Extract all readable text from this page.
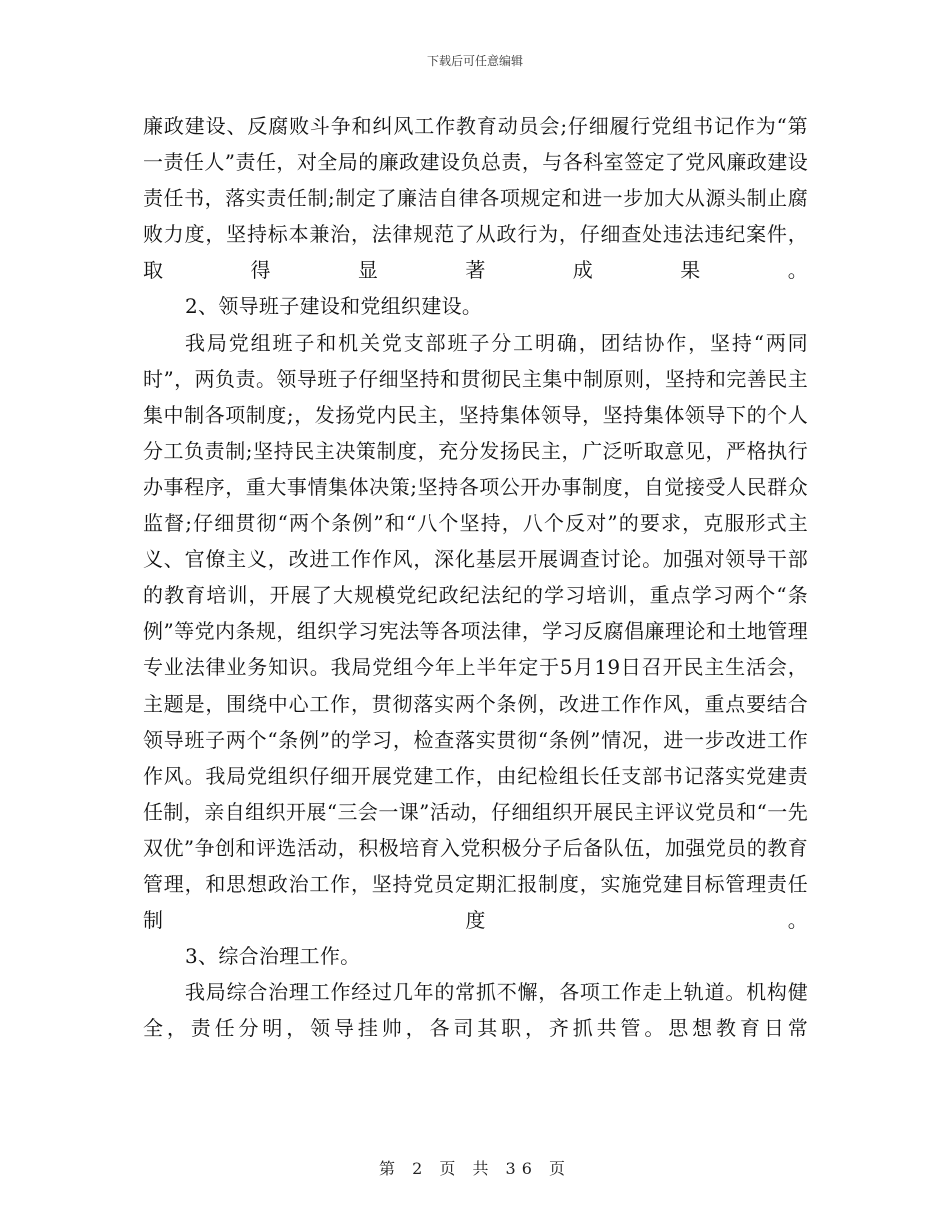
下载后可任意编辑

廉政建设、反腐败斗争和纠风工作教育动员会;仔细履行党组书记作为“第一责任人”责任，对全局的廉政建设负总责，与各科室签定了党风廉政建设责任书，落实责任制;制定了廉洁自律各项规定和进一步加大从源头制止腐败力度，坚持标本兼治，法律规范了从政行为，仔细查处违法违纪案件，取得显著成果。

2、领导班子建设和党组织建设。

我局党组班子和机关党支部班子分工明确，团结协作，坚持“两同时”，两负责。领导班子仔细坚持和贯彻民主集中制原则，坚持和完善民主集中制各项制度;，发扬党内民主，坚持集体领导，坚持集体领导下的个人分工负责制;坚持民主决策制度，充分发扬民主，广泛听取意见，严格执行办事程序，重大事情集体决策;坚持各项公开办事制度，自觉接受人民群众监督;仔细贯彻“两个条例”和“八个坚持，八个反对”的要求，克服形式主义、官僚主义，改进工作作风，深化基层开展调查讨论。加强对领导干部的教育培训，开展了大规模党纪政纪法纪的学习培训，重点学习两个“条例”等党内条规，组织学习宪法等各项法律，学习反腐倡廉理论和土地管理专业法律业务知识。我局党组今年上半年定于5月19日召开民主生活会，主题是，围绕中心工作，贯彻落实两个条例，改进工作作风，重点要结合领导班子两个“条例”的学习，检查落实贯彻“条例”情况，进一步改进工作作风。我局党组织仔细开展党建工作，由纪检组长任支部书记落实党建责任制，亲自组织开展“三会一课”活动，仔细组织开展民主评议党员和“一先双优”争创和评选活动，积极培育入党积极分子后备队伍，加强党员的教育管理，和思想政治工作，坚持党员定期汇报制度，实施党建目标管理责任制度。

3、综合治理工作。

我局综合治理工作经过几年的常抓不懈，各项工作走上轨道。机构健全，责任分明，领导挂帅，各司其职，齐抓共管。思想教育日常

第 2 页 共 36 页
